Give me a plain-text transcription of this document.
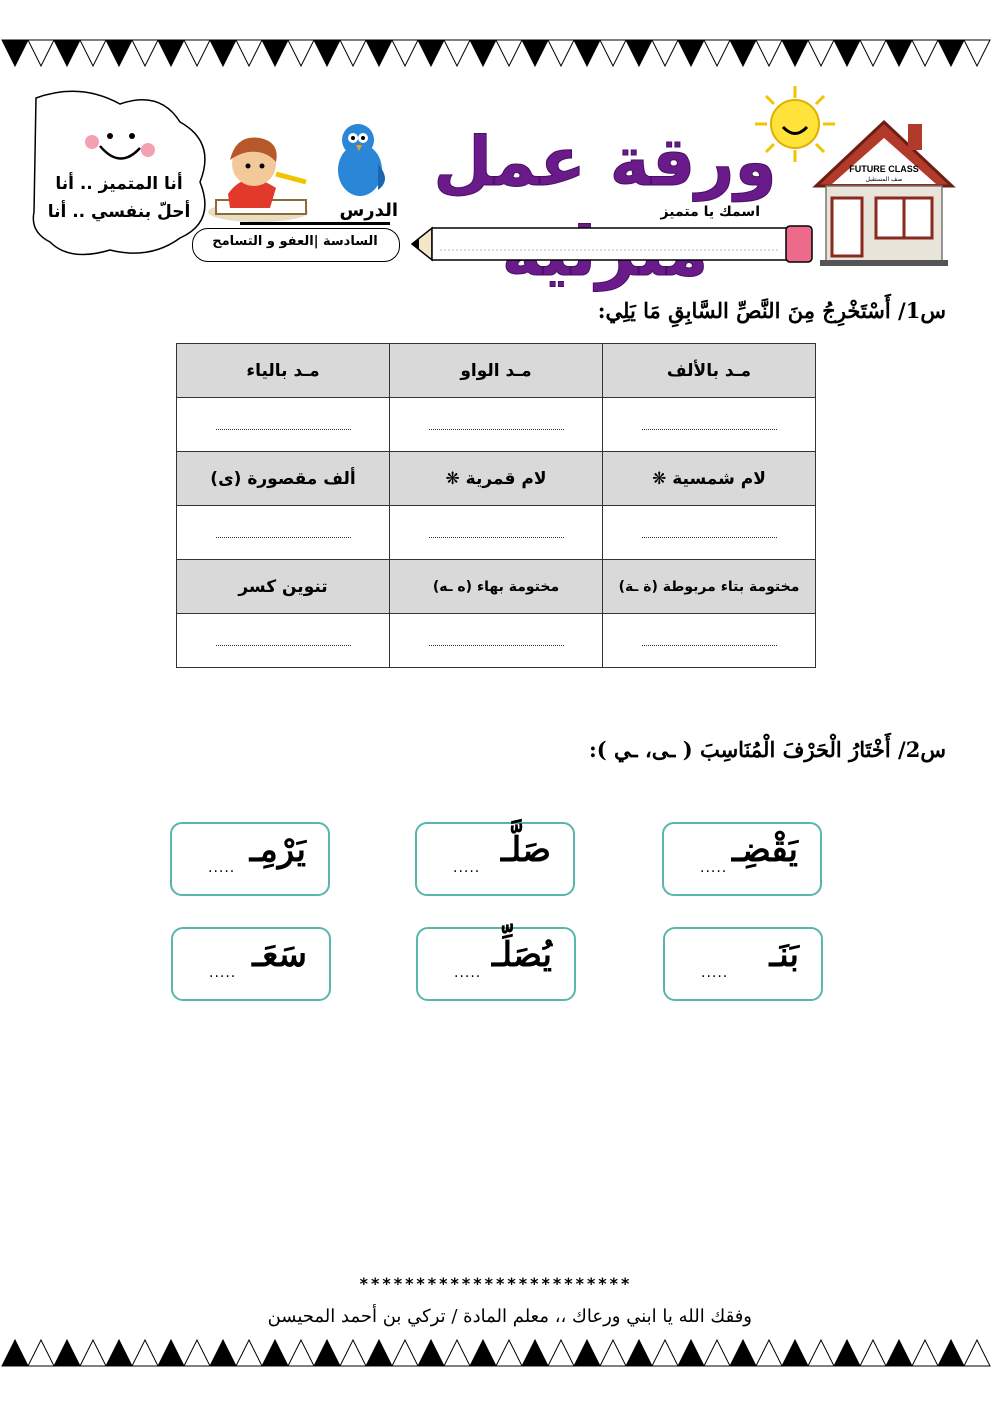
FUTURE CLASS
صف المستقبل
ورقة عمل
أنا المتميز .. أنا
أحلّ بنفسي .. أنا	اسمك يا متميز
الدرس
السادسة |العفو و التسامح
س1/ أَسْتَخْرِجُ مِنَ النَّصِّ السَّابِقِ مَا يَلِي:
مـد بالألف	مـد الواو	مـد بالياء

لام شمسية ❋	لام قمرية ❋	ألف مقصورة (ى)

مختومة بتاء مربوطة (ة ـة)	مختومة بهاء (ه ـه)	تنوين كسر

س2/ أَخْتَارُ الْحَرْفَ الْمُنَاسِبَ ( ـى، ـي ):
يَقْضِـ
.....
صَلَّـ
.....
يَرْمِـ
.....
بَنَـ
.....
يُصَلِّـ
.....
سَعَـ
.....
************************
وفقك الله يا ابني ورعاك ،، معلم المادة / تركي بن أحمد المحيسن
